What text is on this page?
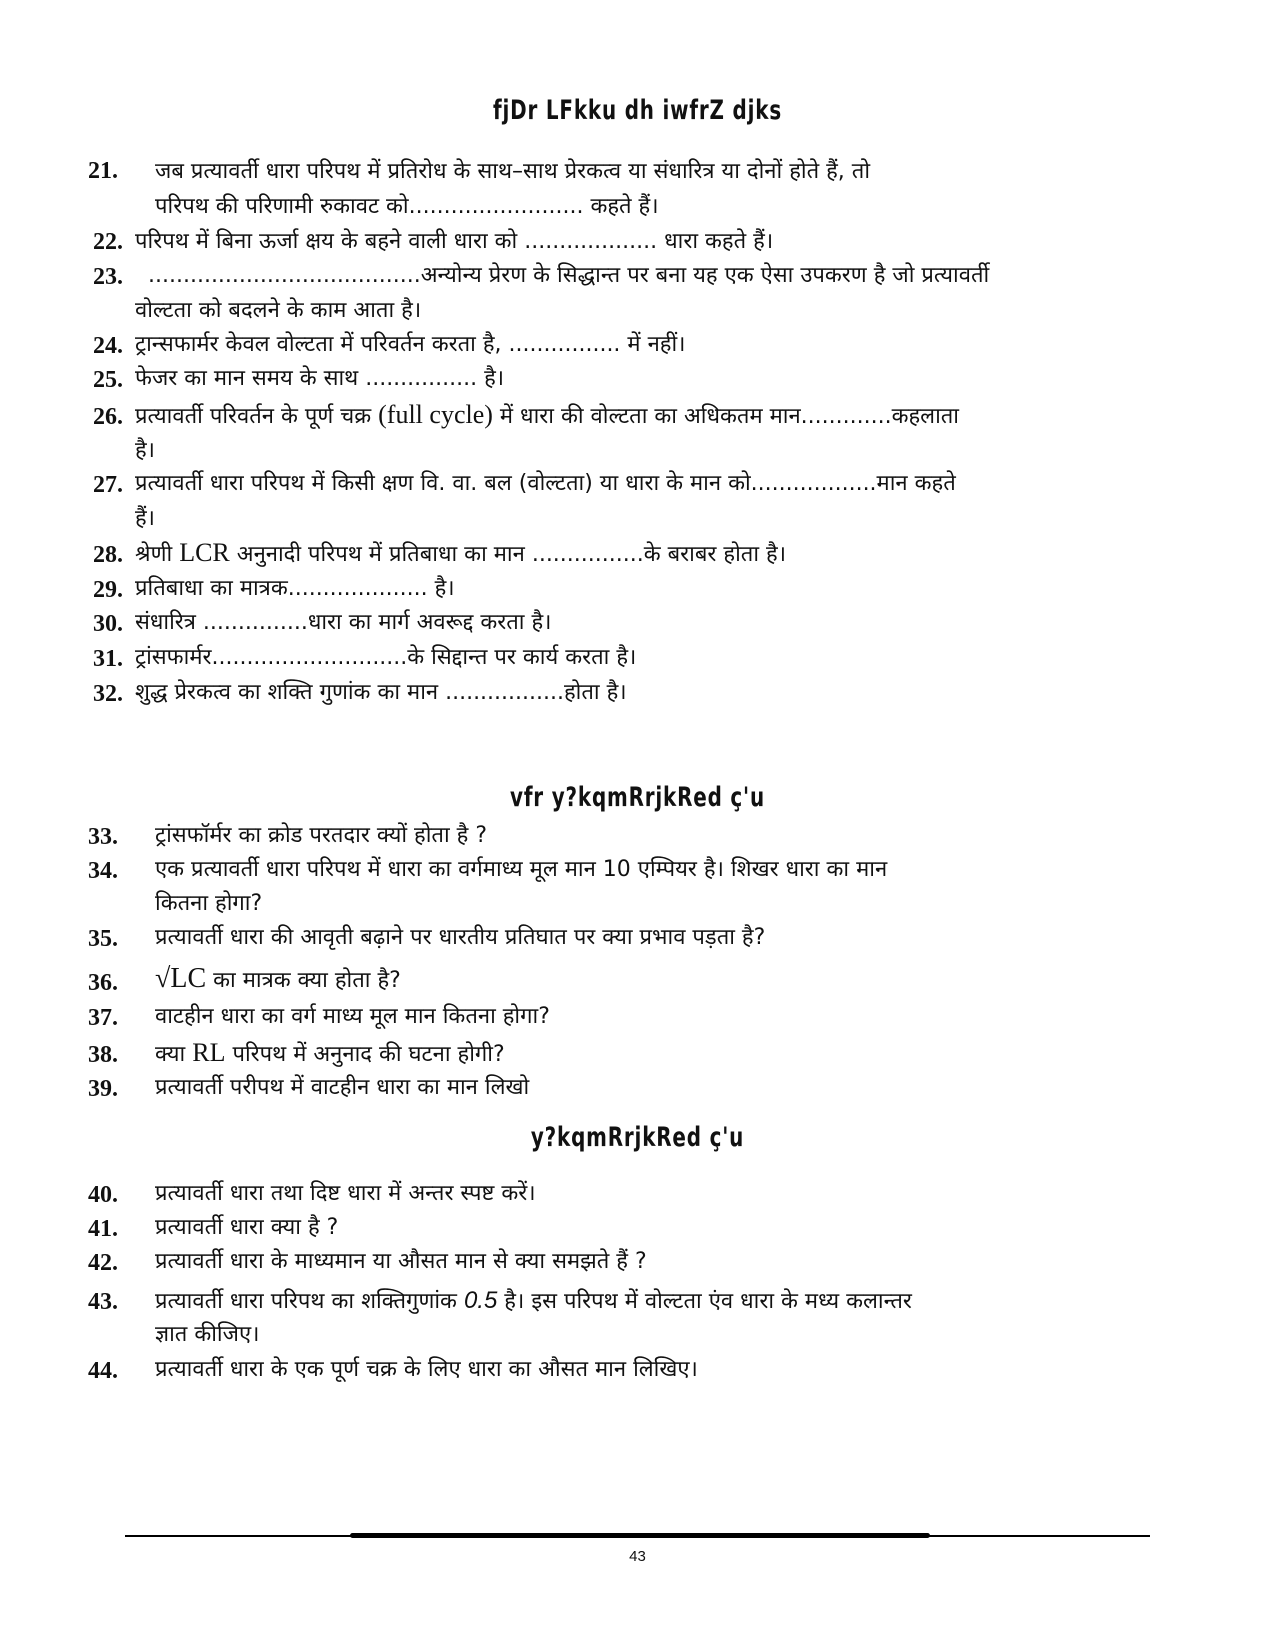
fjDr LFkku dh iwfrZ djks
21. जब प्रत्यावर्ती धारा परिपथ में प्रतिरोध के साथ–साथ प्रेरकत्व या संधारित्र या दोनों होते हैं, तो
परिपथ की परिणामी रुकावट को......................... कहते हैं।
22. परिपथ में बिना ऊर्जा क्षय के बहने वाली धारा को ................... धारा कहते हैं।
23. .......................................अन्योन्य प्रेरण के सिद्धान्त पर बना यह एक ऐसा उपकरण है जो प्रत्यावर्ती
वोल्टता को बदलने के काम आता है।
24. ट्रान्सफार्मर केवल वोल्टता में परिवर्तन करता है, ................ में नहीं।
25. फेजर का मान समय के साथ ................ है।
26. प्रत्यावर्ती परिवर्तन के पूर्ण चक्र (full cycle) में धारा की वोल्टता का अधिकतम मान.............कहलाता
है।
27. प्रत्यावर्ती धारा परिपथ में किसी क्षण वि. वा. बल (वोल्टता) या धारा के मान को..................मान कहते
हैं।
28. श्रेणी LCR अनुनादी परिपथ में प्रतिबाधा का मान ................के बराबर होता है।
29. प्रतिबाधा का मात्रक.................... है।
30. संधारित्र ...............धारा का मार्ग अवरूद्द करता है।
31. ट्रांसफार्मर............................के सिद्दान्त पर कार्य करता है।
32. शुद्ध प्रेरकत्व का शक्ति गुणांक का मान .................होता है।
vfr y?kqmRrjkRed ç'u
33. ट्रांसफॉर्मर का क्रोड परतदार क्यों होता है ?
34. एक प्रत्यावर्ती धारा परिपथ में धारा का वर्गमाध्य मूल मान 10 एम्पियर है। शिखर धारा का मान
कितना होगा?
35. प्रत्यावर्ती धारा की आवृती बढ़ाने पर धारतीय प्रतिघात पर क्या प्रभाव पड़ता है?
36. √LC का मात्रक क्या होता है?
37. वाटहीन धारा का वर्ग माध्य मूल मान कितना होगा?
38. क्या RL परिपथ में अनुनाद की घटना होगी?
39. प्रत्यावर्ती परीपथ में वाटहीन धारा का मान लिखो
y?kqmRrjkRed ç'u
40. प्रत्यावर्ती धारा तथा दिष्ट धारा में अन्तर स्पष्ट करें।
41. प्रत्यावर्ती धारा क्या है ?
42. प्रत्यावर्ती धारा के माध्यमान या औसत मान से क्या समझते हैं ?
43. प्रत्यावर्ती धारा परिपथ का शक्तिगुणांक 0.5 है। इस परिपथ में वोल्टता एंव धारा के मध्य कलान्तर
ज्ञात कीजिए।
44. प्रत्यावर्ती धारा के एक पूर्ण चक्र के लिए धारा का औसत मान लिखिए।
43
